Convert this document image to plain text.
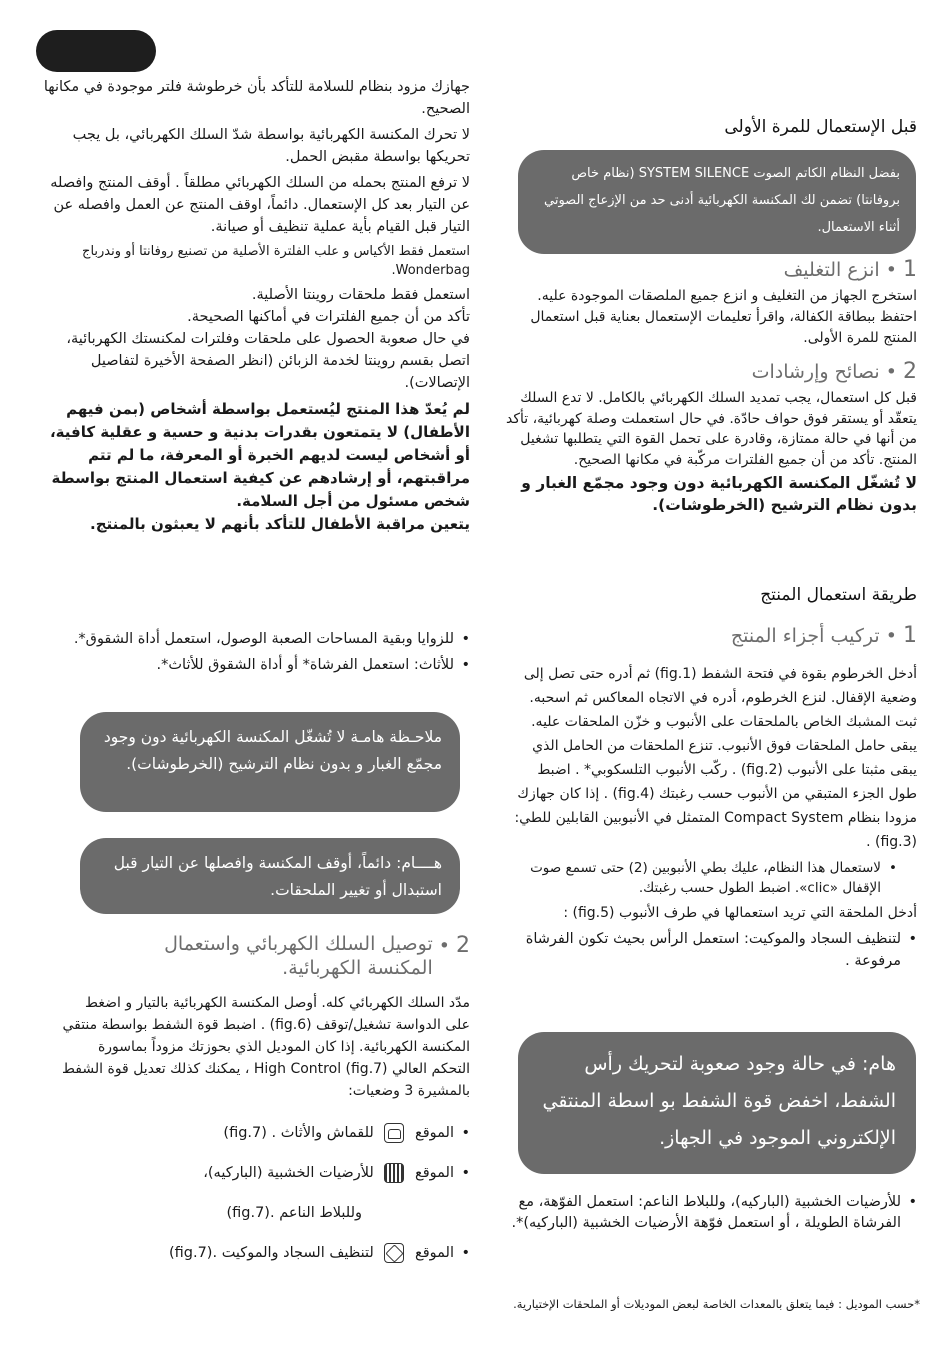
جهازك مزود بنظام للسلامة للتأكد بأن خرطوشة فلتر موجودة في مكانها الصحيح.

لا تحرك المكنسة الكهربائية بواسطة شدّ السلك الكهربائي، بل يجب تحريكها بواسطة مقبض الحمل.

لا ترفع المنتج بحمله من السلك الكهربائي مطلقاً . أوقف المنتج وافصله عن التيار بعد كل الإستعمال. دائماً، اوقف المنتج عن العمل وافصله عن التيار قبل القيام بأية عملية تنظيف أو صيانة.

استعمل فقط الأكياس و علب الفلترة الأصلية من تصنيع روفانتا أو وندرباج Wonderbag.

استعمل فقط ملحقات روينتا الأصلية.

تأكد من أن جميع الفلترات في أماكنها الصحيحة.

في حال صعوبة الحصول على ملحقات وفلترات لمكنستك الكهربائية، اتصل بقسم روينتا لخدمة الزبائن (انظر الصفحة الأخيرة لتفاصيل الإتصالات).

لم يُعدّ هذا المنتج ليُستعمل بواسطة أشخاص (بمن فيهم الأطفال) لا يتمتعون بقدرات بدنية و حسية و عقلية كافية، أو أشخاص ليست لديهم الخبرة أو المعرفة، ما لم تتم مراقبتهم، أو إرشادهم عن كيفية استعمال المنتج بواسطة شخص مسئول من أجل السلامة.

يتعين مراقبة الأطفال للتأكد بأنهم لا يعبثون بالمنتج.

• للزوايا وبقية المساحات الصعبة الوصول، استعمل أداة الشقوق*.

• للأثاث: استعمل الفرشاة* أو أداة الشقوق للأثاث*.

ملاحـظة هامـة لا تُشغّل المكنسة الكهربائية دون وجود مجمّع الغبار و بدون نظام الترشيح (الخرطوشات).

هــــام: دائماً، أوقف المكنسة وافصلها عن التيار قبل استبدال أو تغيير الملحقات.

توصيل السلك الكهربائي واستعمال المكنسة الكهربائية.
2 •

مدّد السلك الكهربائي كله. أوصل المكنسة الكهربائية بالتيار و اضغط على الدواسة تشغيل/توقف (fig.6) . اضبط قوة الشفط بواسطة منتقي المكنسة الكهربائية. إذا كان الموديل الذي بحوزتك مزوداً بماسورة التحكم العالي High Control (fig.7) ، يمكنك كذلك تعديل قوة الشفط بالمشيرة 3 وضعيات:

• الموقع  للقماش والأثاث (fig.7) .
• الموقع  للأرضيات الخشبية (الباركيه)،
وللبلاط الناعم (fig.7).
• الموقع  لتنظيف السجاد والموكيت (fig.7).

قبل الإستعمال للمرة الأولى

بفضل النظام الكاتم الصوت SYSTEM SILENCE (نظام خاص بروفانتا) تضمن لك المكنسة الكهربائية أدنى حد من الإزعاج الصوتي أثناء الاستعمال.

1 • انزع التغليف

استخرج الجهاز من التغليف و انزع جميع الملصقات الموجودة عليه. احتفظ ببطاقة الكفالة، واقرأ تعليمات الإستعمال بعناية قبل استعمال المنتج للمرة الأولى.

2 • نصائح وإرشادات

قبل كل استعمال، يجب تمديد السلك الكهربائي بالكامل. لا تدع السلك يتعقّد أو يستقر فوق حواف حادّة. في حال استعملت وصلة كهربائية، تأكد من أنها في حالة ممتازة، وقادرة على تحمل القوة التي يتطلبها تشغيل المنتج. تأكد من أن جميع الفلترات مركّبة في مكانها الصحيح.

لا تُشغّل المكنسة الكهربائية دون وجود مجمّع الغبار و بدون نظام الترشيح (الخرطوشات).

طريقة استعمال المنتج

1 • تركيب أجزاء المنتج

أدخل الخرطوم بقوة في فتحة الشفط (fig.1) ثم أدره حتى تصل إلى وضعية الإقفال. لنزع الخرطوم، أدره في الاتجاه المعاكس ثم اسحبه. ثبت المشبك الخاص بالملحقات على الأنبوب و خزّن الملحقات عليه. يبقى حامل الملحقات فوق الأنبوب. تنزع الملحقات من الحامل الذي يبقى مثبتا على الأنبوب (fig.2) . ركّب الأنبوب التلسكوبي* . اضبط طول الجزء المتبقي من الأنبوب حسب رغبتك (fig.4) . إذا كان جهازك مزودا بنظام Compact System المتمثل في الأنبوبين القابلين للطي: (fig.3) .

• لاستعمال هذا النظام، عليك بطي الأنبوبين (2) حتى تسمع صوت الإقفال «clic». اضبط الطول حسب رغبتك.

أدخل الملحقة التي تريد استعمالها في طرف الأنبوب (fig.5) :

• لتنظيف السجاد والموكيت: استعمل الرأس بحيث تكون الفرشاة مرفوعة .

هام: في حالة وجود صعوبة لتحريك رأس الشفط، اخفض قوة الشفط بو اسطة المنتقي الإلكتروني الموجود في الجهاز.

• للأرضيات الخشبية (الباركيه)، وللبلاط الناعم: استعمل الفوّهة، مع الفرشاة الطويلة ، أو استعمل فوّهة الأرضيات الخشبية (الباركيه)*.

*حسب الموديل : فيما يتعلق بالمعدات الخاصة لبعض الموديلات أو الملحقات الإختيارية.
